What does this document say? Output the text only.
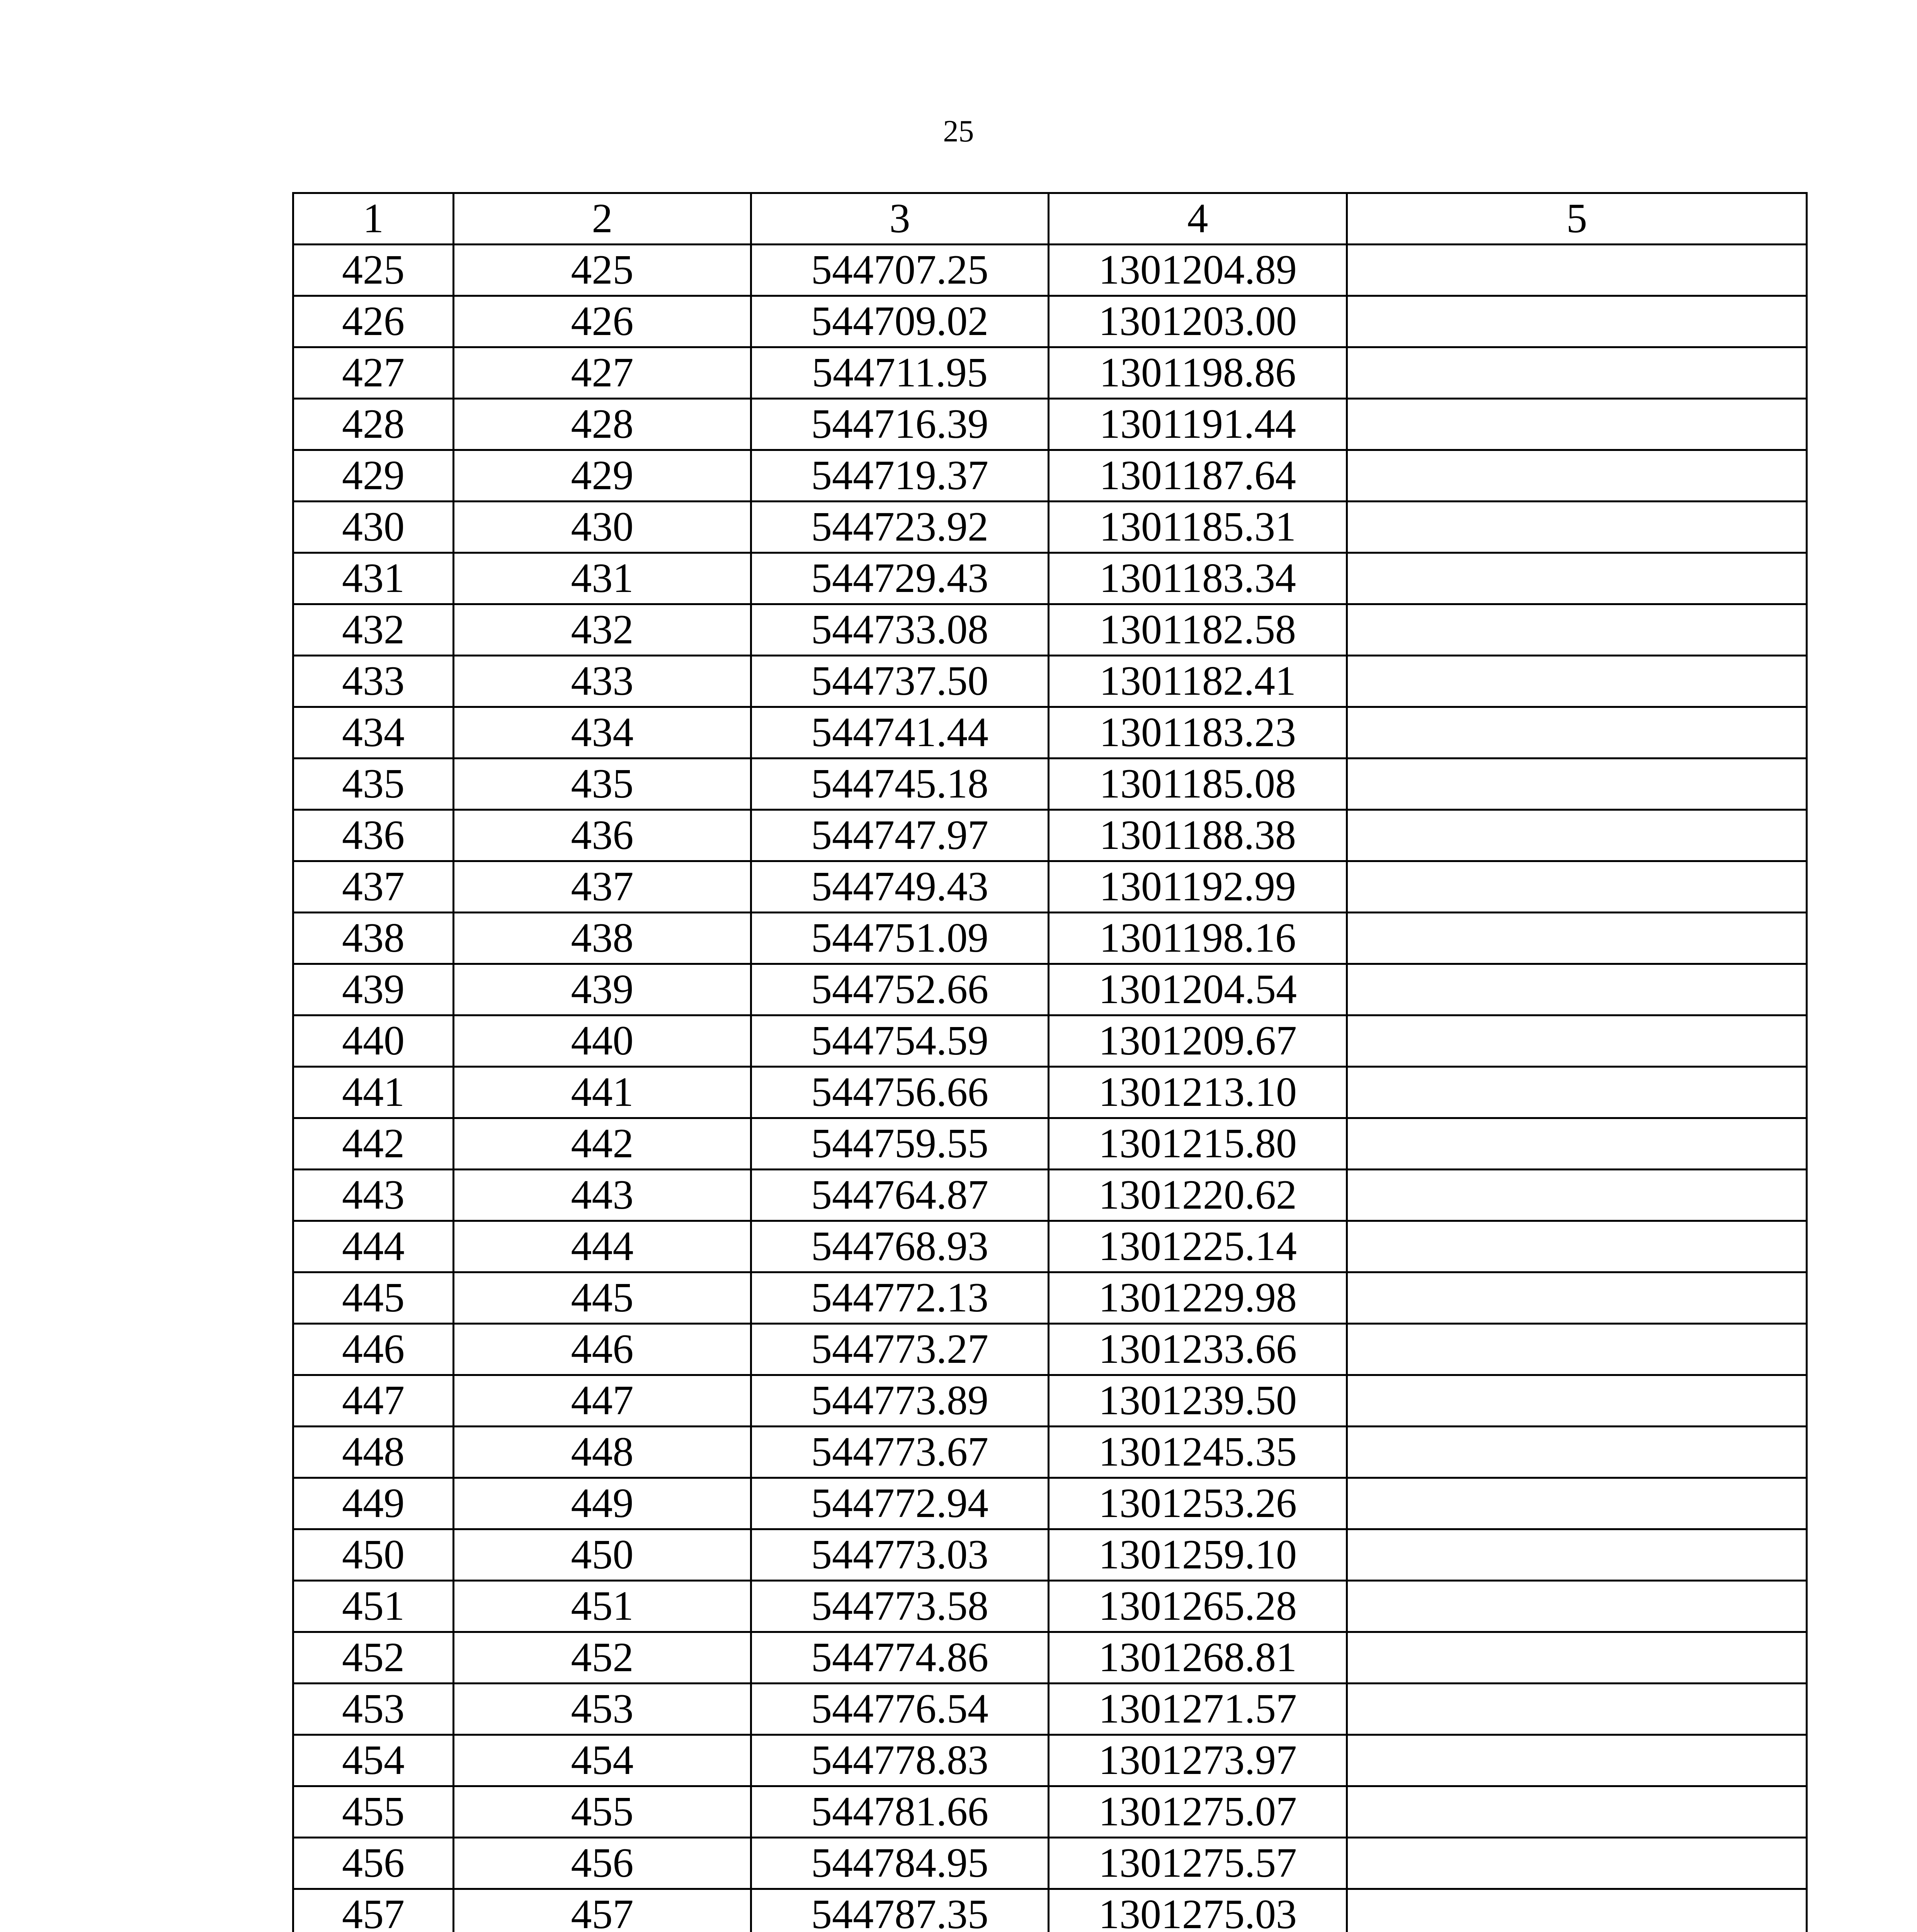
25
1	2	3	4	5
425	425	544707.25	1301204.89	
426	426	544709.02	1301203.00	
427	427	544711.95	1301198.86	
428	428	544716.39	1301191.44	
429	429	544719.37	1301187.64	
430	430	544723.92	1301185.31	
431	431	544729.43	1301183.34	
432	432	544733.08	1301182.58	
433	433	544737.50	1301182.41	
434	434	544741.44	1301183.23	
435	435	544745.18	1301185.08	
436	436	544747.97	1301188.38	
437	437	544749.43	1301192.99	
438	438	544751.09	1301198.16	
439	439	544752.66	1301204.54	
440	440	544754.59	1301209.67	
441	441	544756.66	1301213.10	
442	442	544759.55	1301215.80	
443	443	544764.87	1301220.62	
444	444	544768.93	1301225.14	
445	445	544772.13	1301229.98	
446	446	544773.27	1301233.66	
447	447	544773.89	1301239.50	
448	448	544773.67	1301245.35	
449	449	544772.94	1301253.26	
450	450	544773.03	1301259.10	
451	451	544773.58	1301265.28	
452	452	544774.86	1301268.81	
453	453	544776.54	1301271.57	
454	454	544778.83	1301273.97	
455	455	544781.66	1301275.07	
456	456	544784.95	1301275.57	
457	457	544787.35	1301275.03	
